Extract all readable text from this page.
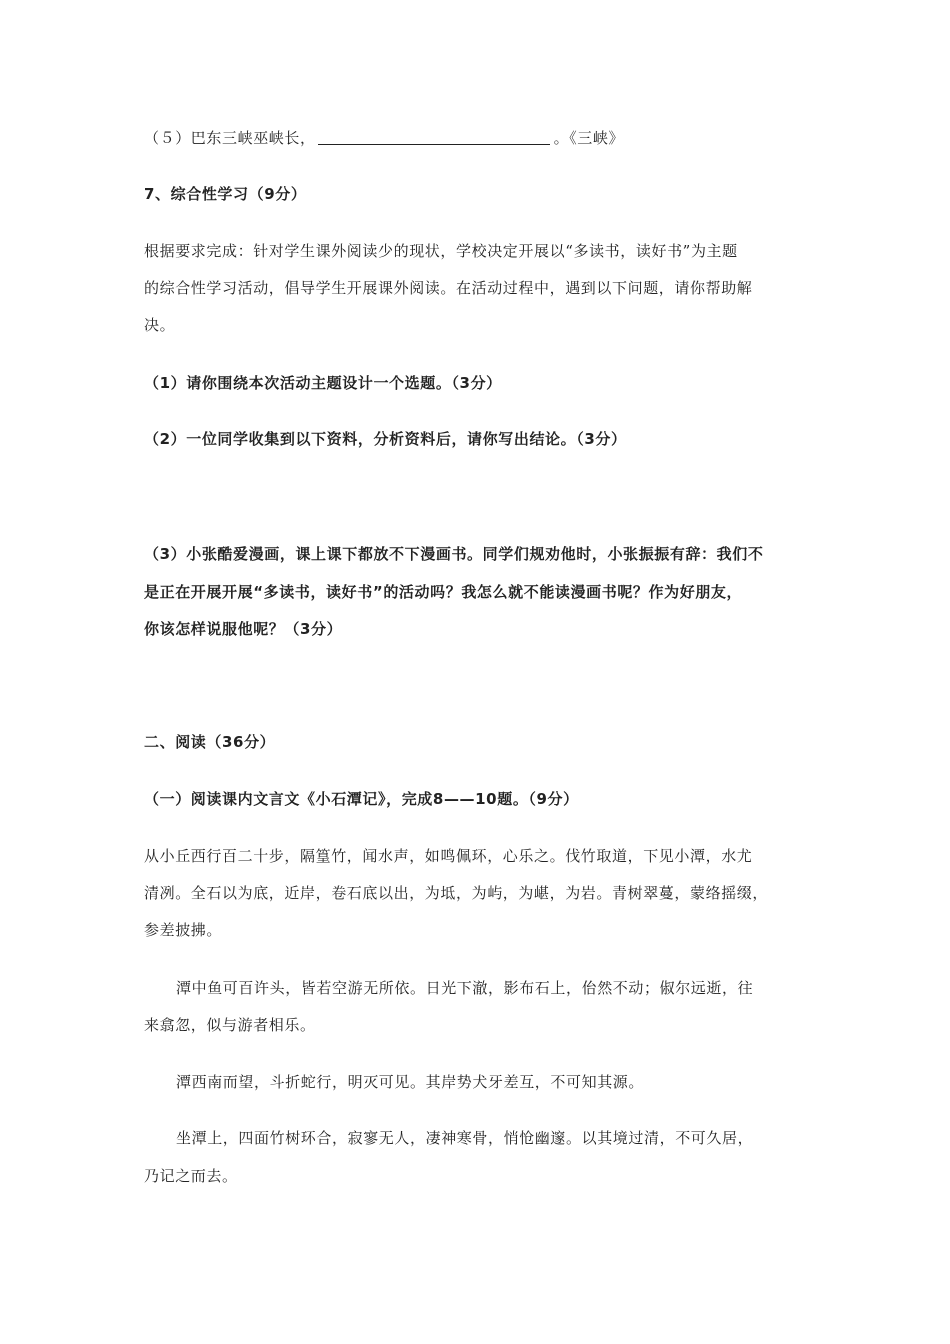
（５）巴东三峡巫峡长，	。《三峡》
7、综合性学习（9分）
根据要求完成：针对学生课外阅读少的现状，学校决定开展以“多读书，读好书”为主题
的综合性学习活动，倡导学生开展课外阅读。在活动过程中，遇到以下问题，请你帮助解
决。
（1）请你围绕本次活动主题设计一个选题。（3分）
（2）一位同学收集到以下资料，分析资料后，请你写出结论。（3分）
（3）小张酷爱漫画，课上课下都放不下漫画书。同学们规劝他时，小张振振有辞：我们不
是正在开展开展“多读书，读好书”的活动吗？我怎么就不能读漫画书呢？作为好朋友，
你该怎样说服他呢？（3分）
二、阅读（36分）
（一）阅读课内文言文《小石潭记》，完成8——10题。（9分）
从小丘西行百二十步，隔篁竹，闻水声，如鸣佩环，心乐之。伐竹取道，下见小潭，水尤
清冽。全石以为底，近岸，卷石底以出，为坻，为屿，为嵁，为岩。青树翠蔓，蒙络摇缀，
参差披拂。
潭中鱼可百许头，皆若空游无所依。日光下澈，影布石上，佁然不动；俶尔远逝，往
来翕忽，似与游者相乐。
潭西南而望，斗折蛇行，明灭可见。其岸势犬牙差互，不可知其源。
坐潭上，四面竹树环合，寂寥无人，凄神寒骨，悄怆幽邃。以其境过清，不可久居，
乃记之而去。
